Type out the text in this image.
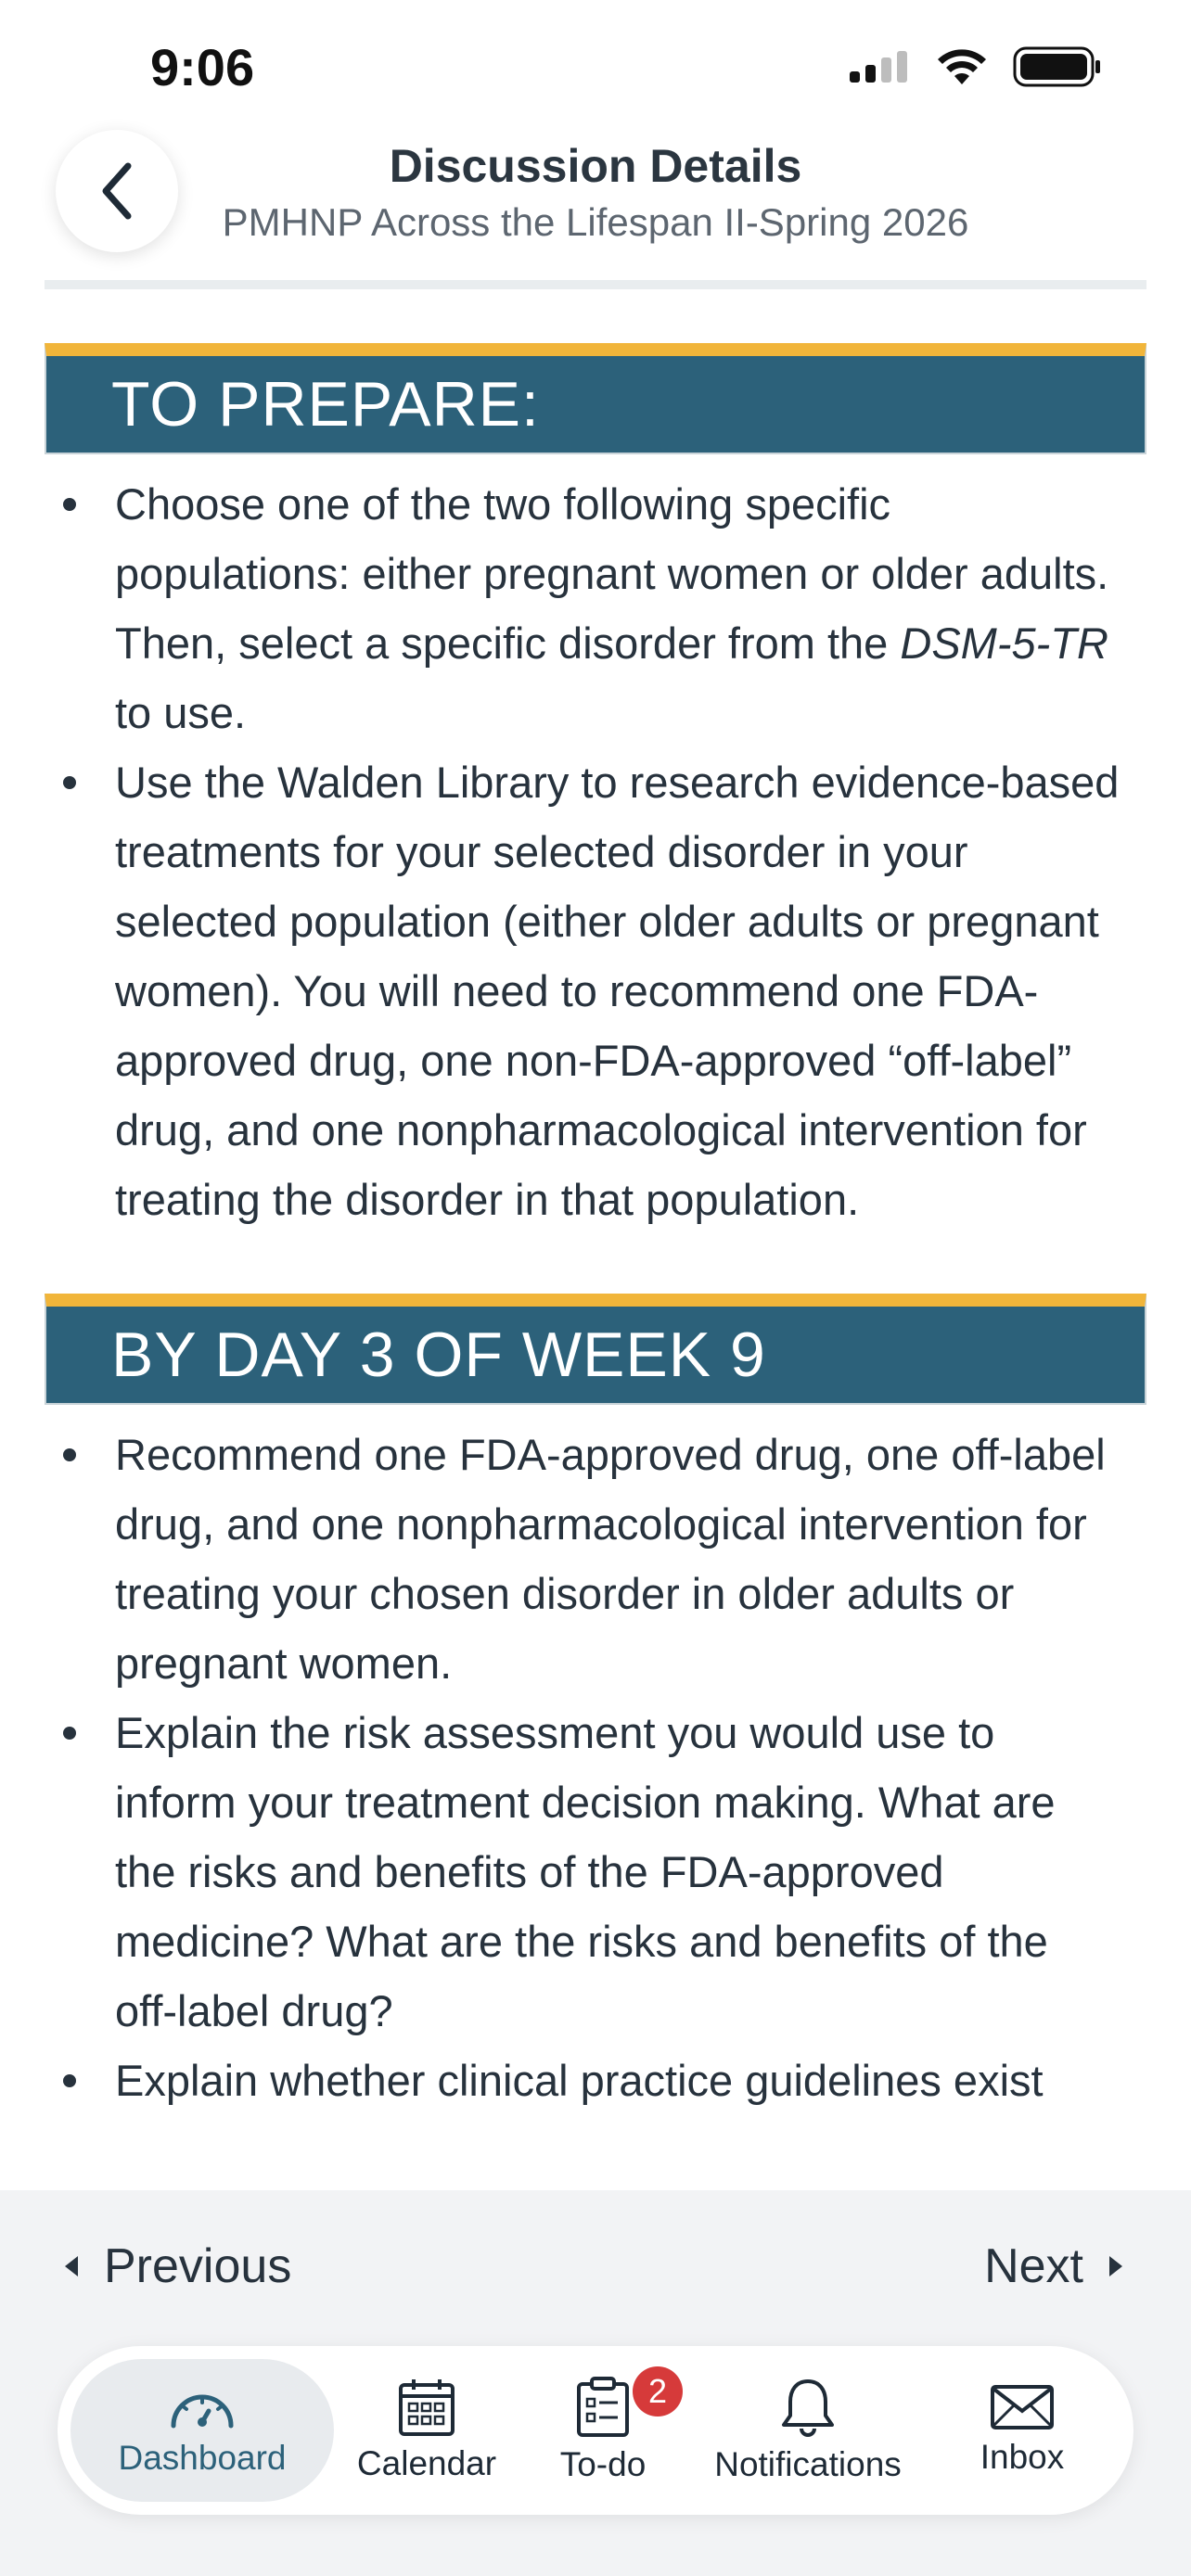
9:06
Discussion Details
PMHNP Across the Lifespan II-Spring 2026
TO PREPARE:
Choose one of the two following specific populations: either pregnant women or older adults. Then, select a specific disorder from the DSM-5-TR to use.
Use the Walden Library to research evidence-based treatments for your selected disorder in your selected population (either older adults or pregnant women). You will need to recommend one FDA-approved drug, one non-FDA-approved “off-label” drug, and one nonpharmacological intervention for treating the disorder in that population.
BY DAY 3 OF WEEK 9
Recommend one FDA-approved drug, one off-label drug, and one nonpharmacological intervention for treating your chosen disorder in older adults or pregnant women.
Explain the risk assessment you would use to inform your treatment decision making. What are the risks and benefits of the FDA-approved medicine? What are the risks and benefits of the off-label drug?
Explain whether clinical practice guidelines exist
Previous	Next
Dashboard Calendar
2
To-do Notifications Inbox
